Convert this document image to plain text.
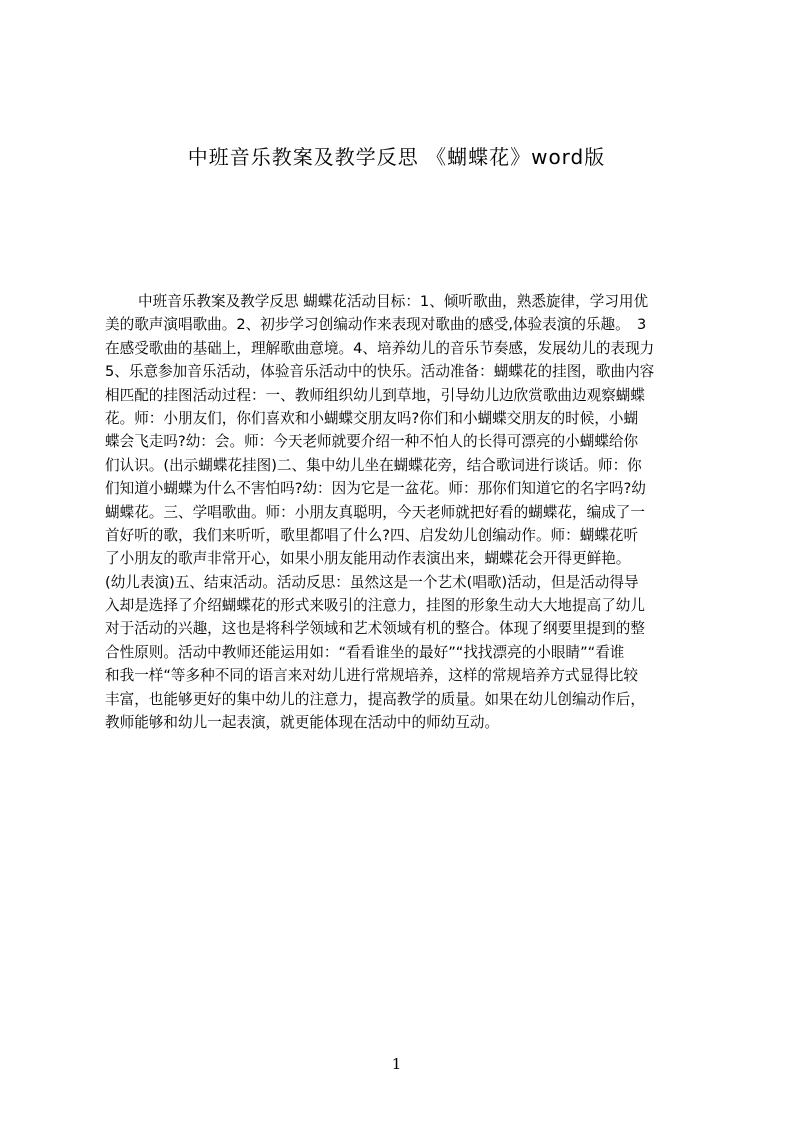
中班音乐教案及教学反思 《蝴蝶花》word版
中班音乐教案及教学反思 蝴蝶花活动目标：1、倾听歌曲，熟悉旋律，学习用优
美的歌声演唱歌曲。2、初步学习创编动作来表现对歌曲的感受,体验表演的乐趣。　3
在感受歌曲的基础上，理解歌曲意境。4、培养幼儿的音乐节奏感，发展幼儿的表现力
5、乐意参加音乐活动，体验音乐活动中的快乐。活动准备：蝴蝶花的挂图，歌曲内容
相匹配的挂图活动过程：一、教师组织幼儿到草地，引导幼儿边欣赏歌曲边观察蝴蝶
花。师：小朋友们，你们喜欢和小蝴蝶交朋友吗?你们和小蝴蝶交朋友的时候，小蝴
蝶会飞走吗?幼：会。师：今天老师就要介绍一种不怕人的长得可漂亮的小蝴蝶给你
们认识。(出示蝴蝶花挂图)二、集中幼儿坐在蝴蝶花旁，结合歌词进行谈话。师：你
们知道小蝴蝶为什么不害怕吗?幼：因为它是一盆花。师：那你们知道它的名字吗?幼
蝴蝶花。三、学唱歌曲。师：小朋友真聪明，今天老师就把好看的蝴蝶花，编成了一
首好听的歌，我们来听听，歌里都唱了什么?四、启发幼儿创编动作。师：蝴蝶花听
了小朋友的歌声非常开心，如果小朋友能用动作表演出来，蝴蝶花会开得更鲜艳。
(幼儿表演)五、结束活动。活动反思：虽然这是一个艺术(唱歌)活动，但是活动得导
入却是选择了介绍蝴蝶花的形式来吸引的注意力，挂图的形象生动大大地提高了幼儿
对于活动的兴趣，这也是将科学领域和艺术领域有机的整合。体现了纲要里提到的整
合性原则。活动中教师还能运用如：“看看谁坐的最好”“找找漂亮的小眼睛”“看谁
和我一样“等多种不同的语言来对幼儿进行常规培养，这样的常规培养方式显得比较
丰富，也能够更好的集中幼儿的注意力，提高教学的质量。如果在幼儿创编动作后，
教师能够和幼儿一起表演，就更能体现在活动中的师幼互动。
1
